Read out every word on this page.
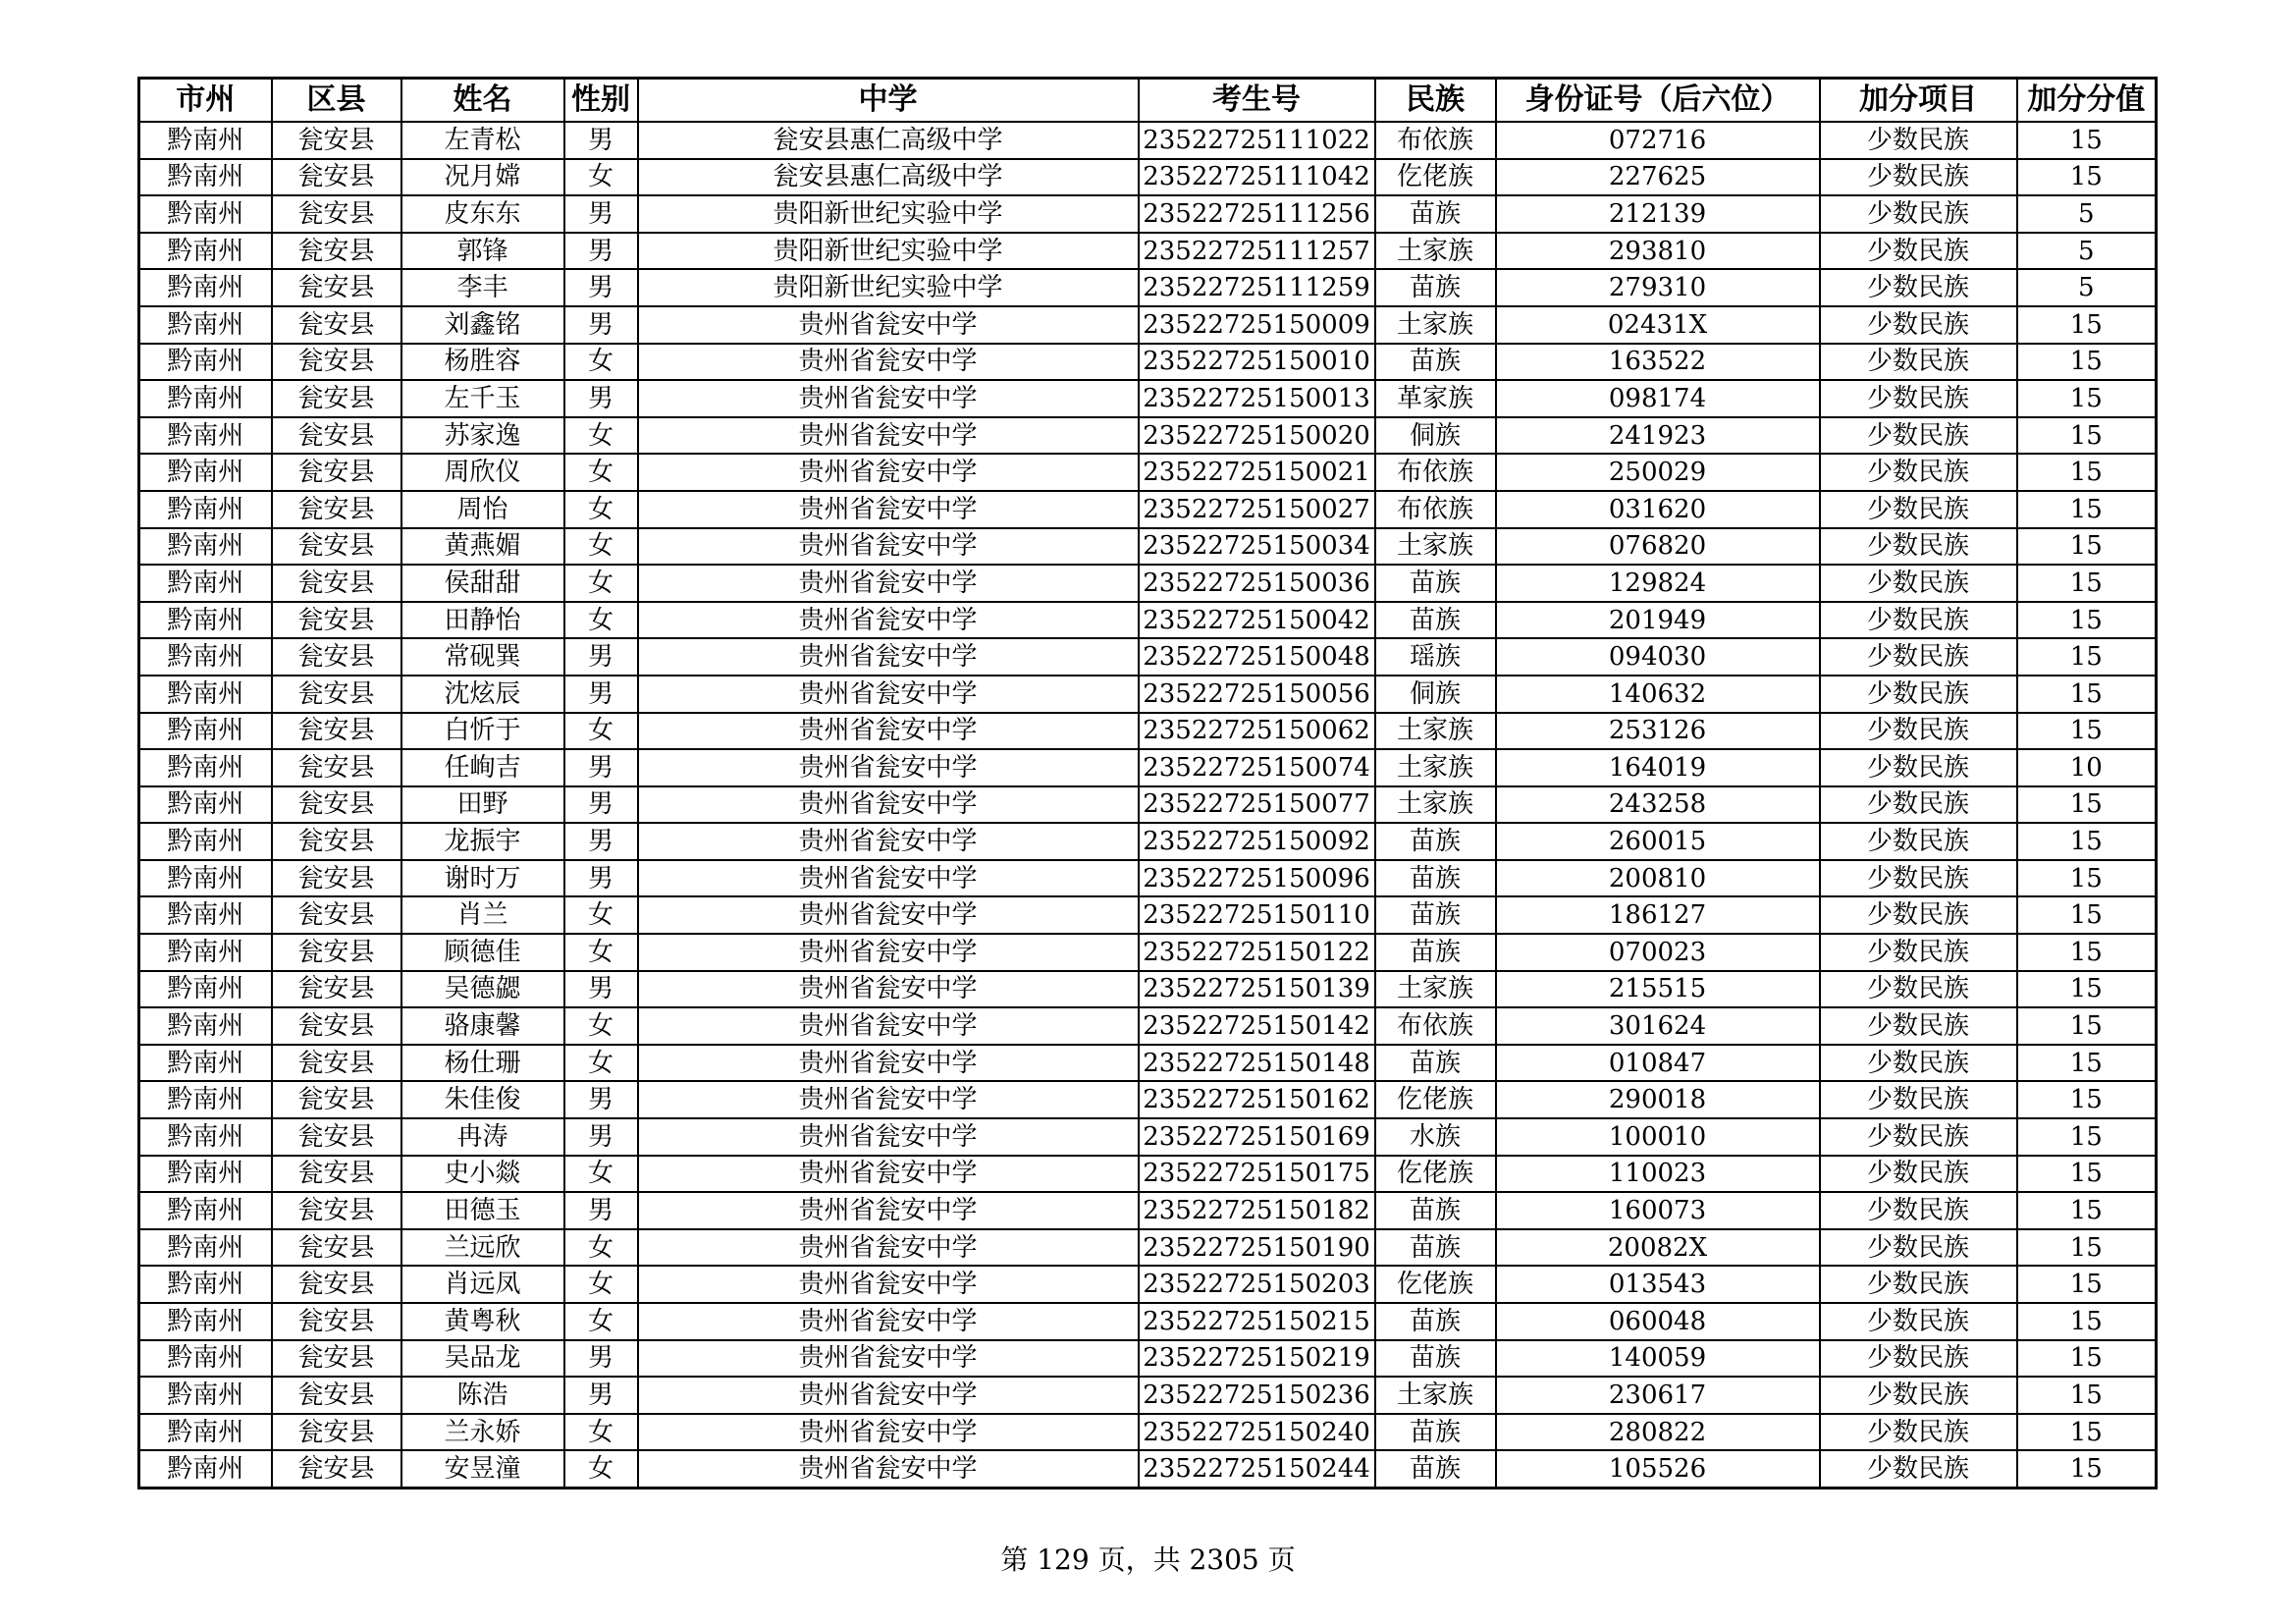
市州	区县	姓名	性别	中学	考生号	民族	身份证号（后六位）	加分项目	加分分值
黔南州	瓮安县	左青松	男	瓮安县惠仁高级中学	23522725111022	布依族	072716	少数民族	15
黔南州	瓮安县	况月嫦	女	瓮安县惠仁高级中学	23522725111042	仡佬族	227625	少数民族	15
黔南州	瓮安县	皮东东	男	贵阳新世纪实验中学	23522725111256	苗族	212139	少数民族	5
黔南州	瓮安县	郭锋	男	贵阳新世纪实验中学	23522725111257	土家族	293810	少数民族	5
黔南州	瓮安县	李丰	男	贵阳新世纪实验中学	23522725111259	苗族	279310	少数民族	5
黔南州	瓮安县	刘鑫铭	男	贵州省瓮安中学	23522725150009	土家族	02431X	少数民族	15
黔南州	瓮安县	杨胜容	女	贵州省瓮安中学	23522725150010	苗族	163522	少数民族	15
黔南州	瓮安县	左千玉	男	贵州省瓮安中学	23522725150013	革家族	098174	少数民族	15
黔南州	瓮安县	苏家逸	女	贵州省瓮安中学	23522725150020	侗族	241923	少数民族	15
黔南州	瓮安县	周欣仪	女	贵州省瓮安中学	23522725150021	布依族	250029	少数民族	15
黔南州	瓮安县	周怡	女	贵州省瓮安中学	23522725150027	布依族	031620	少数民族	15
黔南州	瓮安县	黄燕媚	女	贵州省瓮安中学	23522725150034	土家族	076820	少数民族	15
黔南州	瓮安县	侯甜甜	女	贵州省瓮安中学	23522725150036	苗族	129824	少数民族	15
黔南州	瓮安县	田静怡	女	贵州省瓮安中学	23522725150042	苗族	201949	少数民族	15
黔南州	瓮安县	常砚巽	男	贵州省瓮安中学	23522725150048	瑶族	094030	少数民族	15
黔南州	瓮安县	沈炫辰	男	贵州省瓮安中学	23522725150056	侗族	140632	少数民族	15
黔南州	瓮安县	白忻于	女	贵州省瓮安中学	23522725150062	土家族	253126	少数民族	15
黔南州	瓮安县	任峋吉	男	贵州省瓮安中学	23522725150074	土家族	164019	少数民族	10
黔南州	瓮安县	田野	男	贵州省瓮安中学	23522725150077	土家族	243258	少数民族	15
黔南州	瓮安县	龙振宇	男	贵州省瓮安中学	23522725150092	苗族	260015	少数民族	15
黔南州	瓮安县	谢时万	男	贵州省瓮安中学	23522725150096	苗族	200810	少数民族	15
黔南州	瓮安县	肖兰	女	贵州省瓮安中学	23522725150110	苗族	186127	少数民族	15
黔南州	瓮安县	顾德佳	女	贵州省瓮安中学	23522725150122	苗族	070023	少数民族	15
黔南州	瓮安县	吴德勰	男	贵州省瓮安中学	23522725150139	土家族	215515	少数民族	15
黔南州	瓮安县	骆康馨	女	贵州省瓮安中学	23522725150142	布依族	301624	少数民族	15
黔南州	瓮安县	杨仕珊	女	贵州省瓮安中学	23522725150148	苗族	010847	少数民族	15
黔南州	瓮安县	朱佳俊	男	贵州省瓮安中学	23522725150162	仡佬族	290018	少数民族	15
黔南州	瓮安县	冉涛	男	贵州省瓮安中学	23522725150169	水族	100010	少数民族	15
黔南州	瓮安县	史小燚	女	贵州省瓮安中学	23522725150175	仡佬族	110023	少数民族	15
黔南州	瓮安县	田德玉	男	贵州省瓮安中学	23522725150182	苗族	160073	少数民族	15
黔南州	瓮安县	兰远欣	女	贵州省瓮安中学	23522725150190	苗族	20082X	少数民族	15
黔南州	瓮安县	肖远凤	女	贵州省瓮安中学	23522725150203	仡佬族	013543	少数民族	15
黔南州	瓮安县	黄粤秋	女	贵州省瓮安中学	23522725150215	苗族	060048	少数民族	15
黔南州	瓮安县	吴品龙	男	贵州省瓮安中学	23522725150219	苗族	140059	少数民族	15
黔南州	瓮安县	陈浩	男	贵州省瓮安中学	23522725150236	土家族	230617	少数民族	15
黔南州	瓮安县	兰永娇	女	贵州省瓮安中学	23522725150240	苗族	280822	少数民族	15
黔南州	瓮安县	安昱潼	女	贵州省瓮安中学	23522725150244	苗族	105526	少数民族	15
第 129 页，共 2305 页
